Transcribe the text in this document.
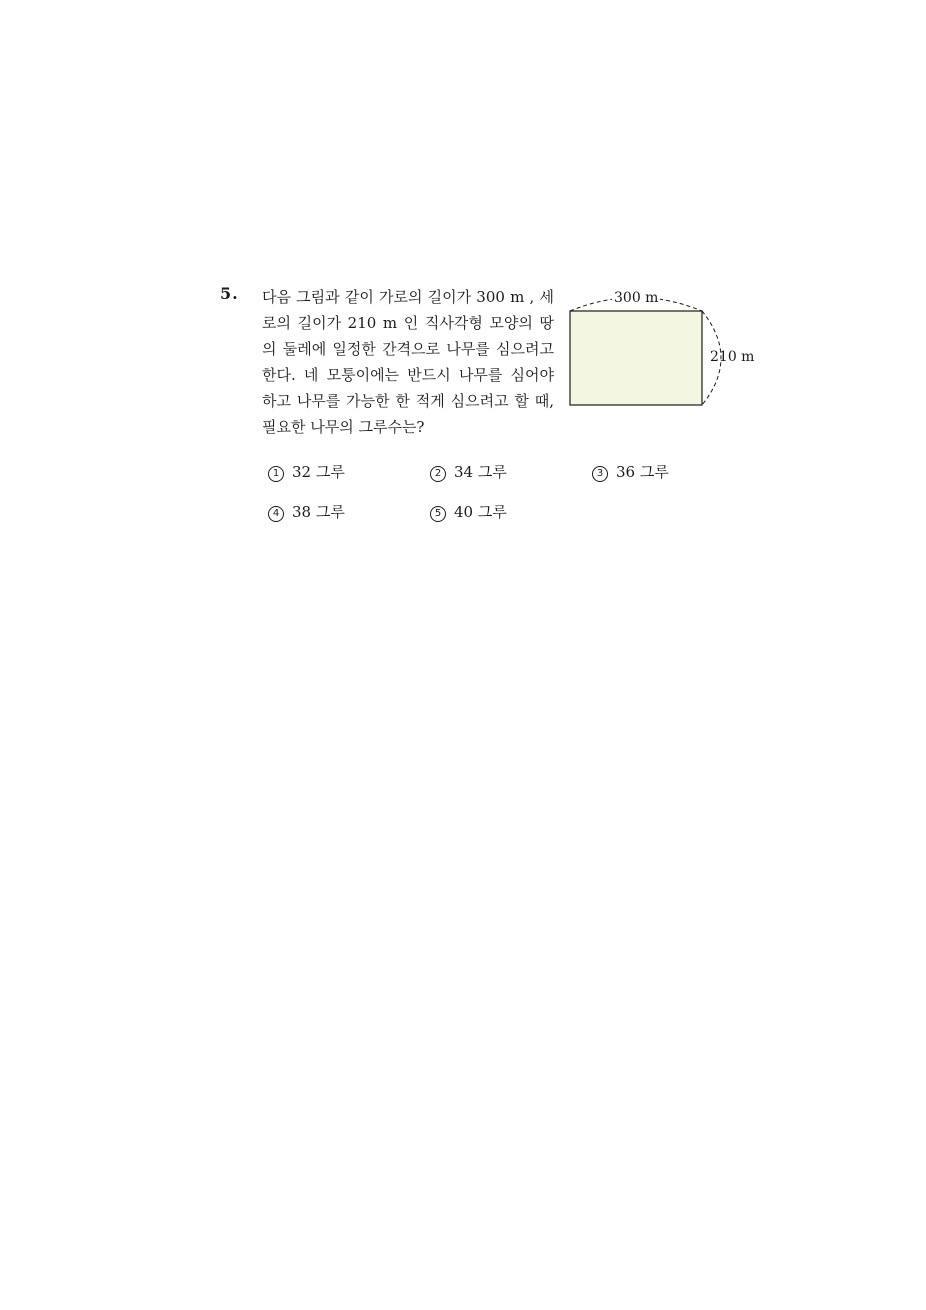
5. 다음 그림과 같이 가로의 길이가 300 m , 세
로의 길이가 210 m 인 직사각형 모양의 땅
의 둘레에 일정한 간격으로 나무를 심으려고
한다. 네 모퉁이에는 반드시 나무를 심어야
하고 나무를 가능한 한 적게 심으려고 할 때,
필요한 나무의 그루수는?
300 m
210 m
1 32 그루	2 34 그루	3 36 그루
4 38 그루	5 40 그루
